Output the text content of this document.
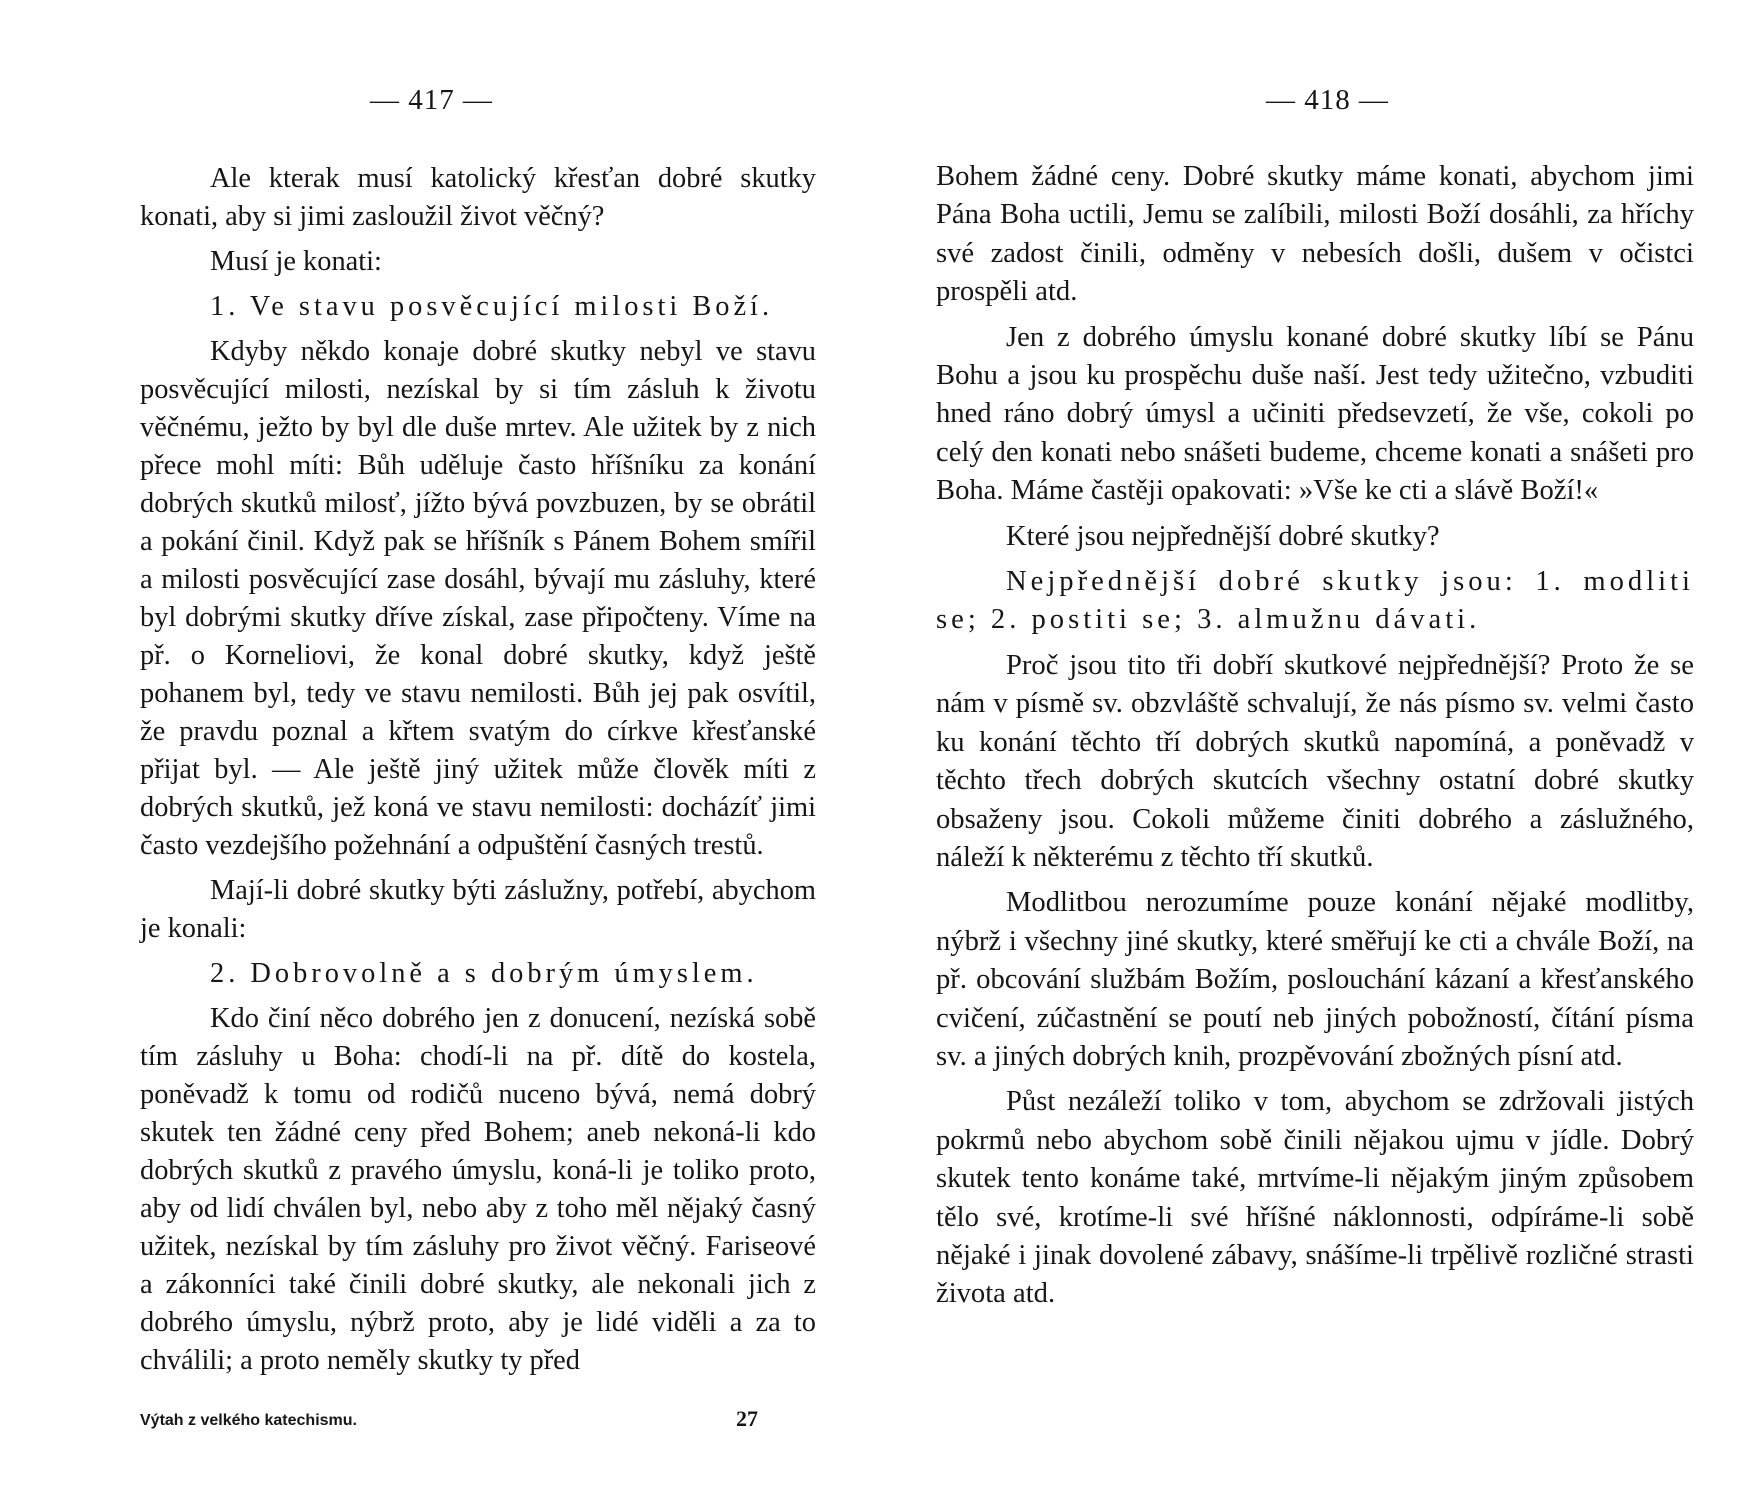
— 417 —

Ale kterak musí katolický křesťan dobré skutky konati, aby si jimi zasloužil život věčný?

Musí je konati:

1. Ve stavu posvěcující milosti Boží.

Kdyby někdo konaje dobré skutky nebyl ve stavu posvěcující milosti, nezískal by si tím zásluh k životu věčnému, ježto by byl dle duše mrtev. Ale užitek by z nich přece mohl míti: Bůh uděluje často hříšníku za konání dobrých skutků milosť, jížto bývá povzbuzen, by se obrátil a pokání činil. Když pak se hříšník s Pánem Bohem smířil a milosti posvěcující zase dosáhl, bývají mu zásluhy, které byl dobrými skutky dříve získal, zase připočteny. Víme na př. o Korneliovi, že konal dobré skutky, když ještě pohanem byl, tedy ve stavu nemilosti. Bůh jej pak osvítil, že pravdu poznal a křtem svatým do církve křesťanské přijat byl. — Ale ještě jiný užitek může člověk míti z dobrých skutků, jež koná ve stavu nemilosti: docházíť jimi často vezdejšího požehnání a odpuštění časných trestů.

Mají-li dobré skutky býti záslužny, potřebí, abychom je konali:

2. Dobrovolně a s dobrým úmyslem.

Kdo činí něco dobrého jen z donucení, nezíská sobě tím zásluhy u Boha: chodí-li na př. dítě do kostela, poněvadž k tomu od rodičů nuceno bývá, nemá dobrý skutek ten žádné ceny před Bohem; aneb nekoná-li kdo dobrých skutků z pravého úmyslu, koná-li je toliko proto, aby od lidí chválen byl, nebo aby z toho měl nějaký časný užitek, nezískal by tím zásluhy pro život věčný. Fariseové a zákonníci také činili dobré skutky, ale nekonali jich z dobrého úmyslu, nýbrž proto, aby je lidé viděli a za to chválili; a proto neměly skutky ty před

Výtah z velkého katechismu.	27
— 418 —

Bohem žádné ceny. Dobré skutky máme konati, abychom jimi Pána Boha uctili, Jemu se zalíbili, milosti Boží dosáhli, za hříchy své zadost činili, odměny v nebesích došli, dušem v očistci prospěli atd.

Jen z dobrého úmyslu konané dobré skutky líbí se Pánu Bohu a jsou ku prospěchu duše naší. Jest tedy užitečno, vzbuditi hned ráno dobrý úmysl a učiniti předsevzetí, že vše, cokoli po celý den konati nebo snášeti budeme, chceme konati a snášeti pro Boha. Máme častěji opakovati: »Vše ke cti a slávě Boží!«

Které jsou nejpřednější dobré skutky?

Nejpřednější dobré skutky jsou: 1. modliti se; 2. postiti se; 3. almužnu dávati.

Proč jsou tito tři dobří skutkové nejpřednější? Proto že se nám v písmě sv. obzvláště schvalují, že nás písmo sv. velmi často ku konání těchto tří dobrých skutků napomíná, a poněvadž v těchto třech dobrých skutcích všechny ostatní dobré skutky obsaženy jsou. Cokoli můžeme činiti dobrého a záslužného, náleží k některému z těchto tří skutků.

Modlitbou nerozumíme pouze konání nějaké modlitby, nýbrž i všechny jiné skutky, které směřují ke cti a chvále Boží, na př. obcování službám Božím, poslouchání kázaní a křesťanského cvičení, zúčastnění se poutí neb jiných pobožností, čítání písma sv. a jiných dobrých knih, prozpěvování zbožných písní atd.

Půst nezáleží toliko v tom, abychom se zdržovali jistých pokrmů nebo abychom sobě činili nějakou ujmu v jídle. Dobrý skutek tento konáme také, mrtvíme-li nějakým jiným způsobem tělo své, krotíme-li své hříšné náklonnosti, odpíráme-li sobě nějaké i jinak dovolené zábavy, snášíme-li trpělivě rozličné strasti života atd.
